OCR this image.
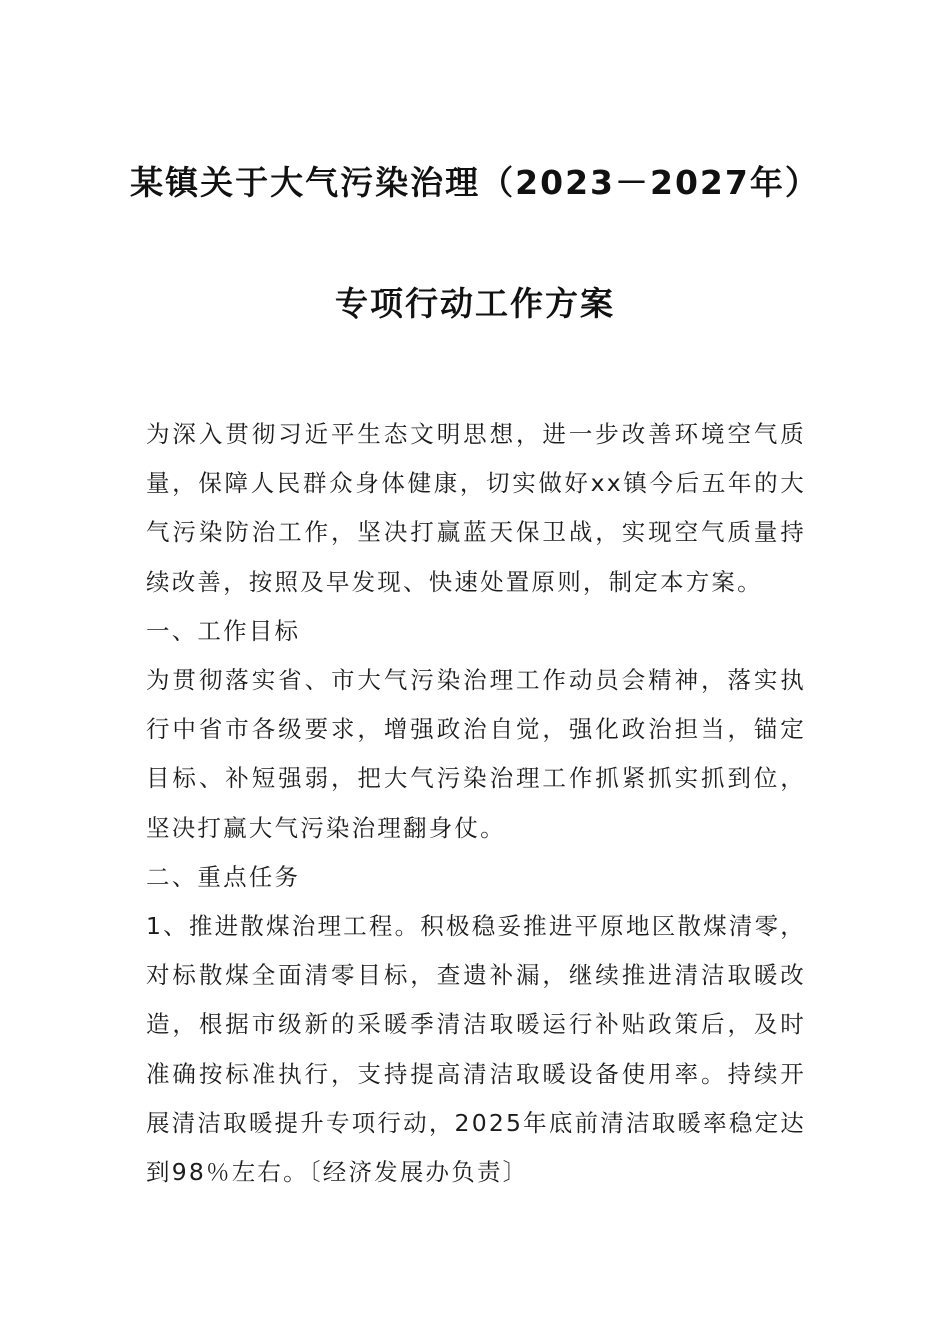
某镇关于大气污染治理（2023－2027年）
专项行动工作方案

为深入贯彻习近平生态文明思想，进一步改善环境空气质量，保障人民群众身体健康，切实做好xx镇今后五年的大气污染防治工作，坚决打赢蓝天保卫战，实现空气质量持续改善，按照及早发现、快速处置原则，制定本方案。

一、工作目标

为贯彻落实省、市大气污染治理工作动员会精神，落实执行中省市各级要求，增强政治自觉，强化政治担当，锚定目标、补短强弱，把大气污染治理工作抓紧抓实抓到位，坚决打赢大气污染治理翻身仗。

二、重点任务

1、推进散煤治理工程。积极稳妥推进平原地区散煤清零，对标散煤全面清零目标，查遗补漏，继续推进清洁取暖改造，根据市级新的采暖季清洁取暖运行补贴政策后，及时准确按标准执行，支持提高清洁取暖设备使用率。持续开展清洁取暖提升专项行动，2025年底前清洁取暖率稳定达到98％左右。〔经济发展办负责〕
